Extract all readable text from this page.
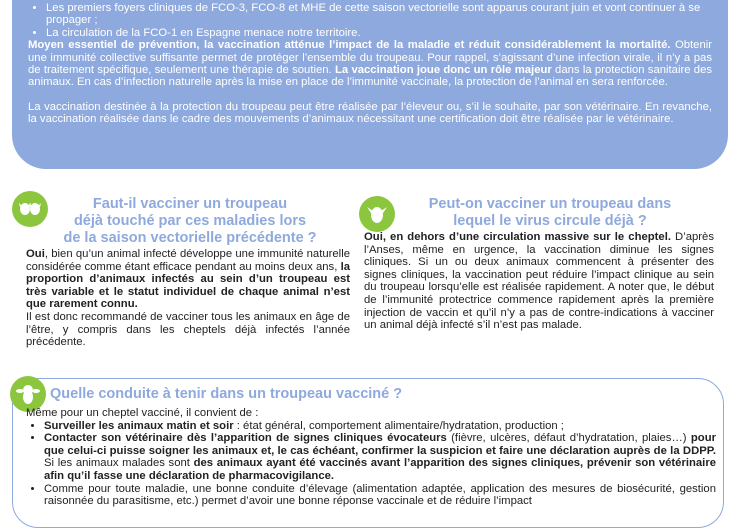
• Les premiers foyers cliniques de FCO-3, FCO-8 et MHE de cette saison vectorielle sont apparus courant juin et vont continuer à se propager ;
• La circulation de la FCO-1 en Espagne menace notre territoire.

Moyen essentiel de prévention, la vaccination atténue l’impact de la maladie et réduit considérablement la mortalité. Obtenir une immunité collective suffisante permet de protéger l’ensemble du troupeau. Pour rappel, s’agissant d’une infection virale, il n’y a pas de traitement spécifique, seulement une thérapie de soutien. La vaccination joue donc un rôle majeur dans la protection sanitaire des animaux. En cas d’infection naturelle après la mise en place de l’immunité vaccinale, la protection de l’animal en sera renforcée.

La vaccination destinée à la protection du troupeau peut être réalisée par l’éleveur ou, s’il le souhaite, par son vétérinaire. En revanche, la vaccination réalisée dans le cadre des mouvements d’animaux nécessitant une certification doit être réalisée par le vétérinaire.

Faut-il vacciner un troupeau
déjà touché par ces maladies lors
de la saison vectorielle précédente ?

Oui, bien qu’un animal infecté développe une immunité naturelle considérée comme étant efficace pendant au moins deux ans, la proportion d’animaux infectés au sein d’un troupeau est très variable et le statut individuel de chaque animal n’est que rarement connu.

Il est donc recommandé de vacciner tous les animaux en âge de l’être, y compris dans les cheptels déjà infectés l’année précédente.

Peut-on vacciner un troupeau dans
lequel le virus circule déjà ?

Oui, en dehors d’une circulation massive sur le cheptel. D’après l’Anses, même en urgence, la vaccination diminue les signes cliniques. Si un ou deux animaux commencent à présenter des signes cliniques, la vaccination peut réduire l’impact clinique au sein du troupeau lorsqu’elle est réalisée rapidement. A noter que, le début de l’immunité protectrice commence rapidement après la première injection de vaccin et qu’il n’y a pas de contre-indications à vacciner un animal déjà infecté s’il n’est pas malade.

Quelle conduite à tenir dans un troupeau vacciné ?

Même pour un cheptel vacciné, il convient de :

• Surveiller les animaux matin et soir : état général, comportement alimentaire/hydratation, production ;
• Contacter son vétérinaire dès l’apparition de signes cliniques évocateurs (fièvre, ulcères, défaut d’hydratation, plaies…) pour que celui-ci puisse soigner les animaux et, le cas échéant, confirmer la suspicion et faire une déclaration auprès de la DDPP. Si les animaux malades sont des animaux ayant été vaccinés avant l’apparition des signes cliniques, prévenir son vétérinaire afin qu’il fasse une déclaration de pharmacovigilance.
• Comme pour toute maladie, une bonne conduite d’élevage (alimentation adaptée, application des mesures de biosécurité, gestion raisonnée du parasitisme, etc.) permet d’avoir une bonne réponse vaccinale et de réduire l’impact
